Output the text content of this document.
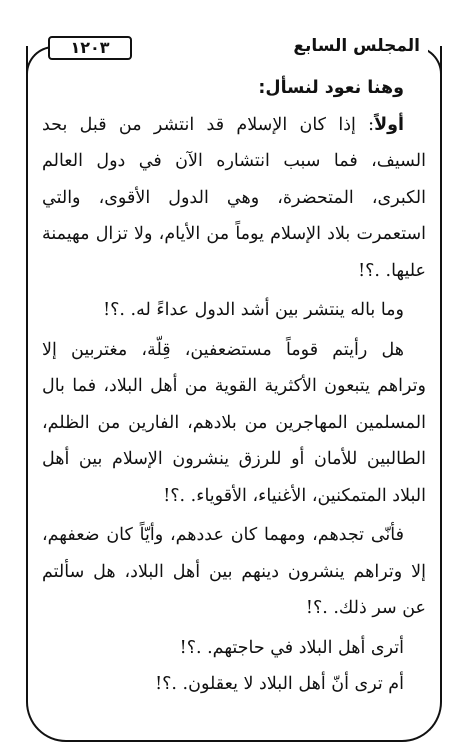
المجلس السابع
١٢٠٣

وهنا نعود لنسأل:

أولاً: إذا كان الإسلام قد انتشر من قبل بحد السيف، فما سبب انتشاره الآن في دول العالم الكبرى، المتحضرة، وهي الدول الأقوى، والتي استعمرت بلاد الإسلام يوماً من الأيام، ولا تزال مهيمنة عليها. .؟!

وما باله ينتشر بين أشد الدول عداءً له. .؟!

هل رأيتم قوماً مستضعفين، قِلّة، مغتربين إلا وتراهم يتبعون الأكثرية القوية من أهل البلاد، فما بال المسلمين المهاجرين من بلادهم، الفارين من الظلم، الطالبين للأمان أو للرزق ينشرون الإسلام بين أهل البلاد المتمكنين، الأغنياء، الأقوياء. .؟!

فأنّى تجدهم، ومهما كان عددهم، وأيّاً كان ضعفهم، إلا وتراهم ينشرون دينهم بين أهل البلاد، هل سألتم عن سر ذلك. .؟!

أترى أهل البلاد في حاجتهم. .؟!

أم ترى أنّ أهل البلاد لا يعقلون. .؟!
